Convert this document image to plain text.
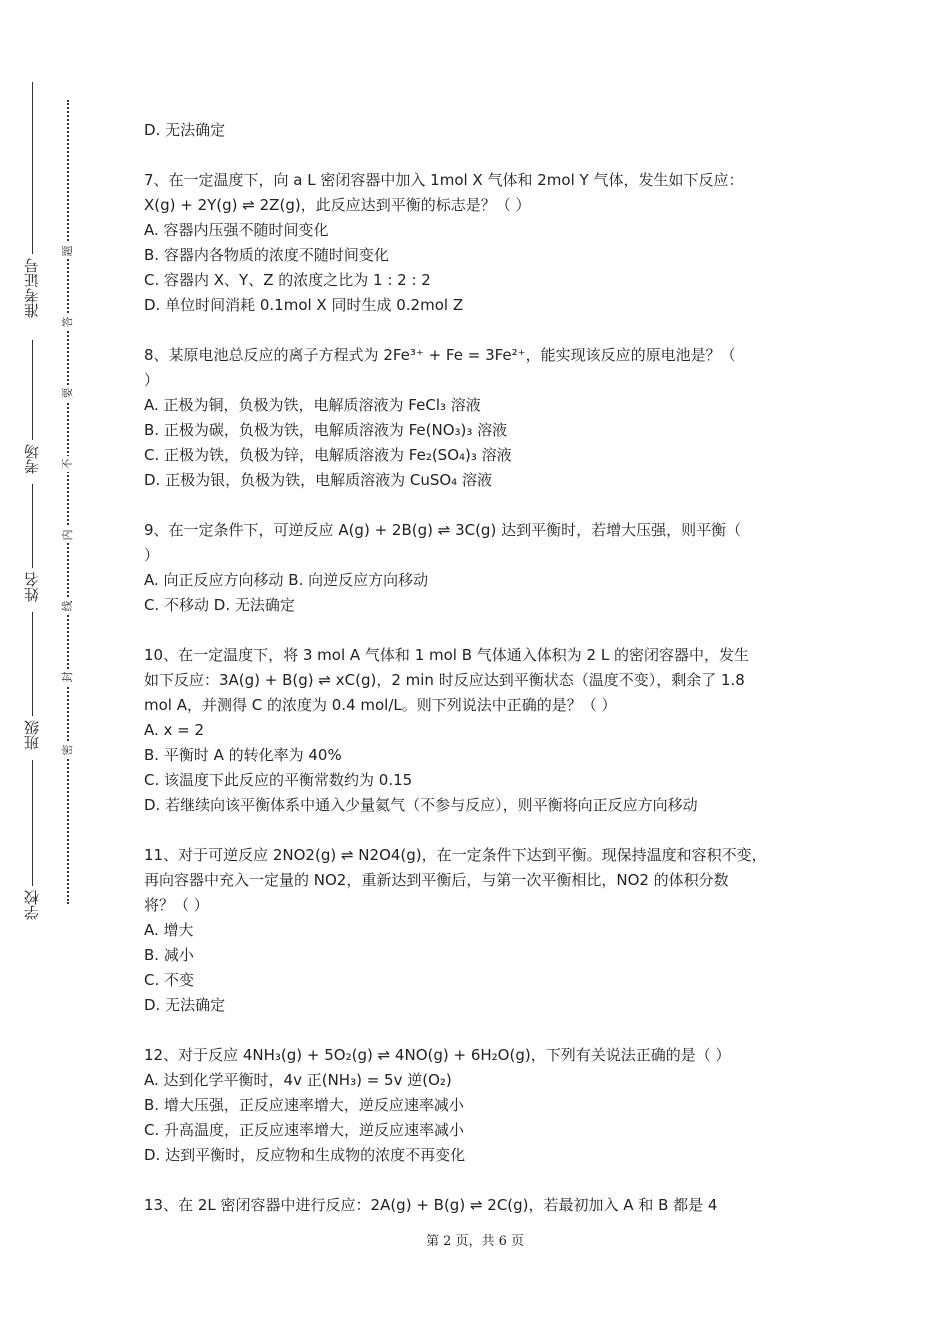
准考证号
考场
姓名
班级
学校
题
答
要
不
内
线
封
密
D. 无法确定
7、在一定温度下，向 a L 密闭容器中加入 1mol X 气体和 2mol Y 气体，发生如下反应：
X(g) + 2Y(g) ⇌ 2Z(g)，此反应达到平衡的标志是？（ ）
A. 容器内压强不随时间变化
B. 容器内各物质的浓度不随时间变化
C. 容器内 X、Y、Z 的浓度之比为 1 : 2 : 2
D. 单位时间消耗 0.1mol X 同时生成 0.2mol Z
8、某原电池总反应的离子方程式为 2Fe³⁺ + Fe = 3Fe²⁺，能实现该反应的原电池是？（
）
A. 正极为铜，负极为铁，电解质溶液为 FeCl₃ 溶液
B. 正极为碳，负极为铁，电解质溶液为 Fe(NO₃)₃ 溶液
C. 正极为铁，负极为锌，电解质溶液为 Fe₂(SO₄)₃ 溶液
D. 正极为银，负极为铁，电解质溶液为 CuSO₄ 溶液
9、在一定条件下，可逆反应 A(g) + 2B(g) ⇌ 3C(g) 达到平衡时，若增大压强，则平衡（
）
A. 向正反应方向移动 B. 向逆反应方向移动
C. 不移动 D. 无法确定
10、在一定温度下，将 3 mol A 气体和 1 mol B 气体通入体积为 2 L 的密闭容器中，发生
如下反应：3A(g) + B(g) ⇌ xC(g)，2 min 时反应达到平衡状态（温度不变），剩余了 1.8
mol A，并测得 C 的浓度为 0.4 mol/L。则下列说法中正确的是？（ ）
A. x = 2
B. 平衡时 A 的转化率为 40%
C. 该温度下此反应的平衡常数约为 0.15
D. 若继续向该平衡体系中通入少量氦气（不参与反应），则平衡将向正反应方向移动
11、对于可逆反应 2NO2(g) ⇌ N2O4(g)，在一定条件下达到平衡。现保持温度和容积不变，
再向容器中充入一定量的 NO2，重新达到平衡后，与第一次平衡相比，NO2 的体积分数
将？（ ）
A. 增大
B. 减小
C. 不变
D. 无法确定
12、对于反应 4NH₃(g) + 5O₂(g) ⇌ 4NO(g) + 6H₂O(g)，下列有关说法正确的是（ ）
A. 达到化学平衡时，4v 正(NH₃) = 5v 逆(O₂)
B. 增大压强，正反应速率增大，逆反应速率减小
C. 升高温度，正反应速率增大，逆反应速率减小
D. 达到平衡时，反应物和生成物的浓度不再变化
13、在 2L 密闭容器中进行反应：2A(g) + B(g) ⇌ 2C(g)，若最初加入 A 和 B 都是 4
第 2 页，共 6 页
